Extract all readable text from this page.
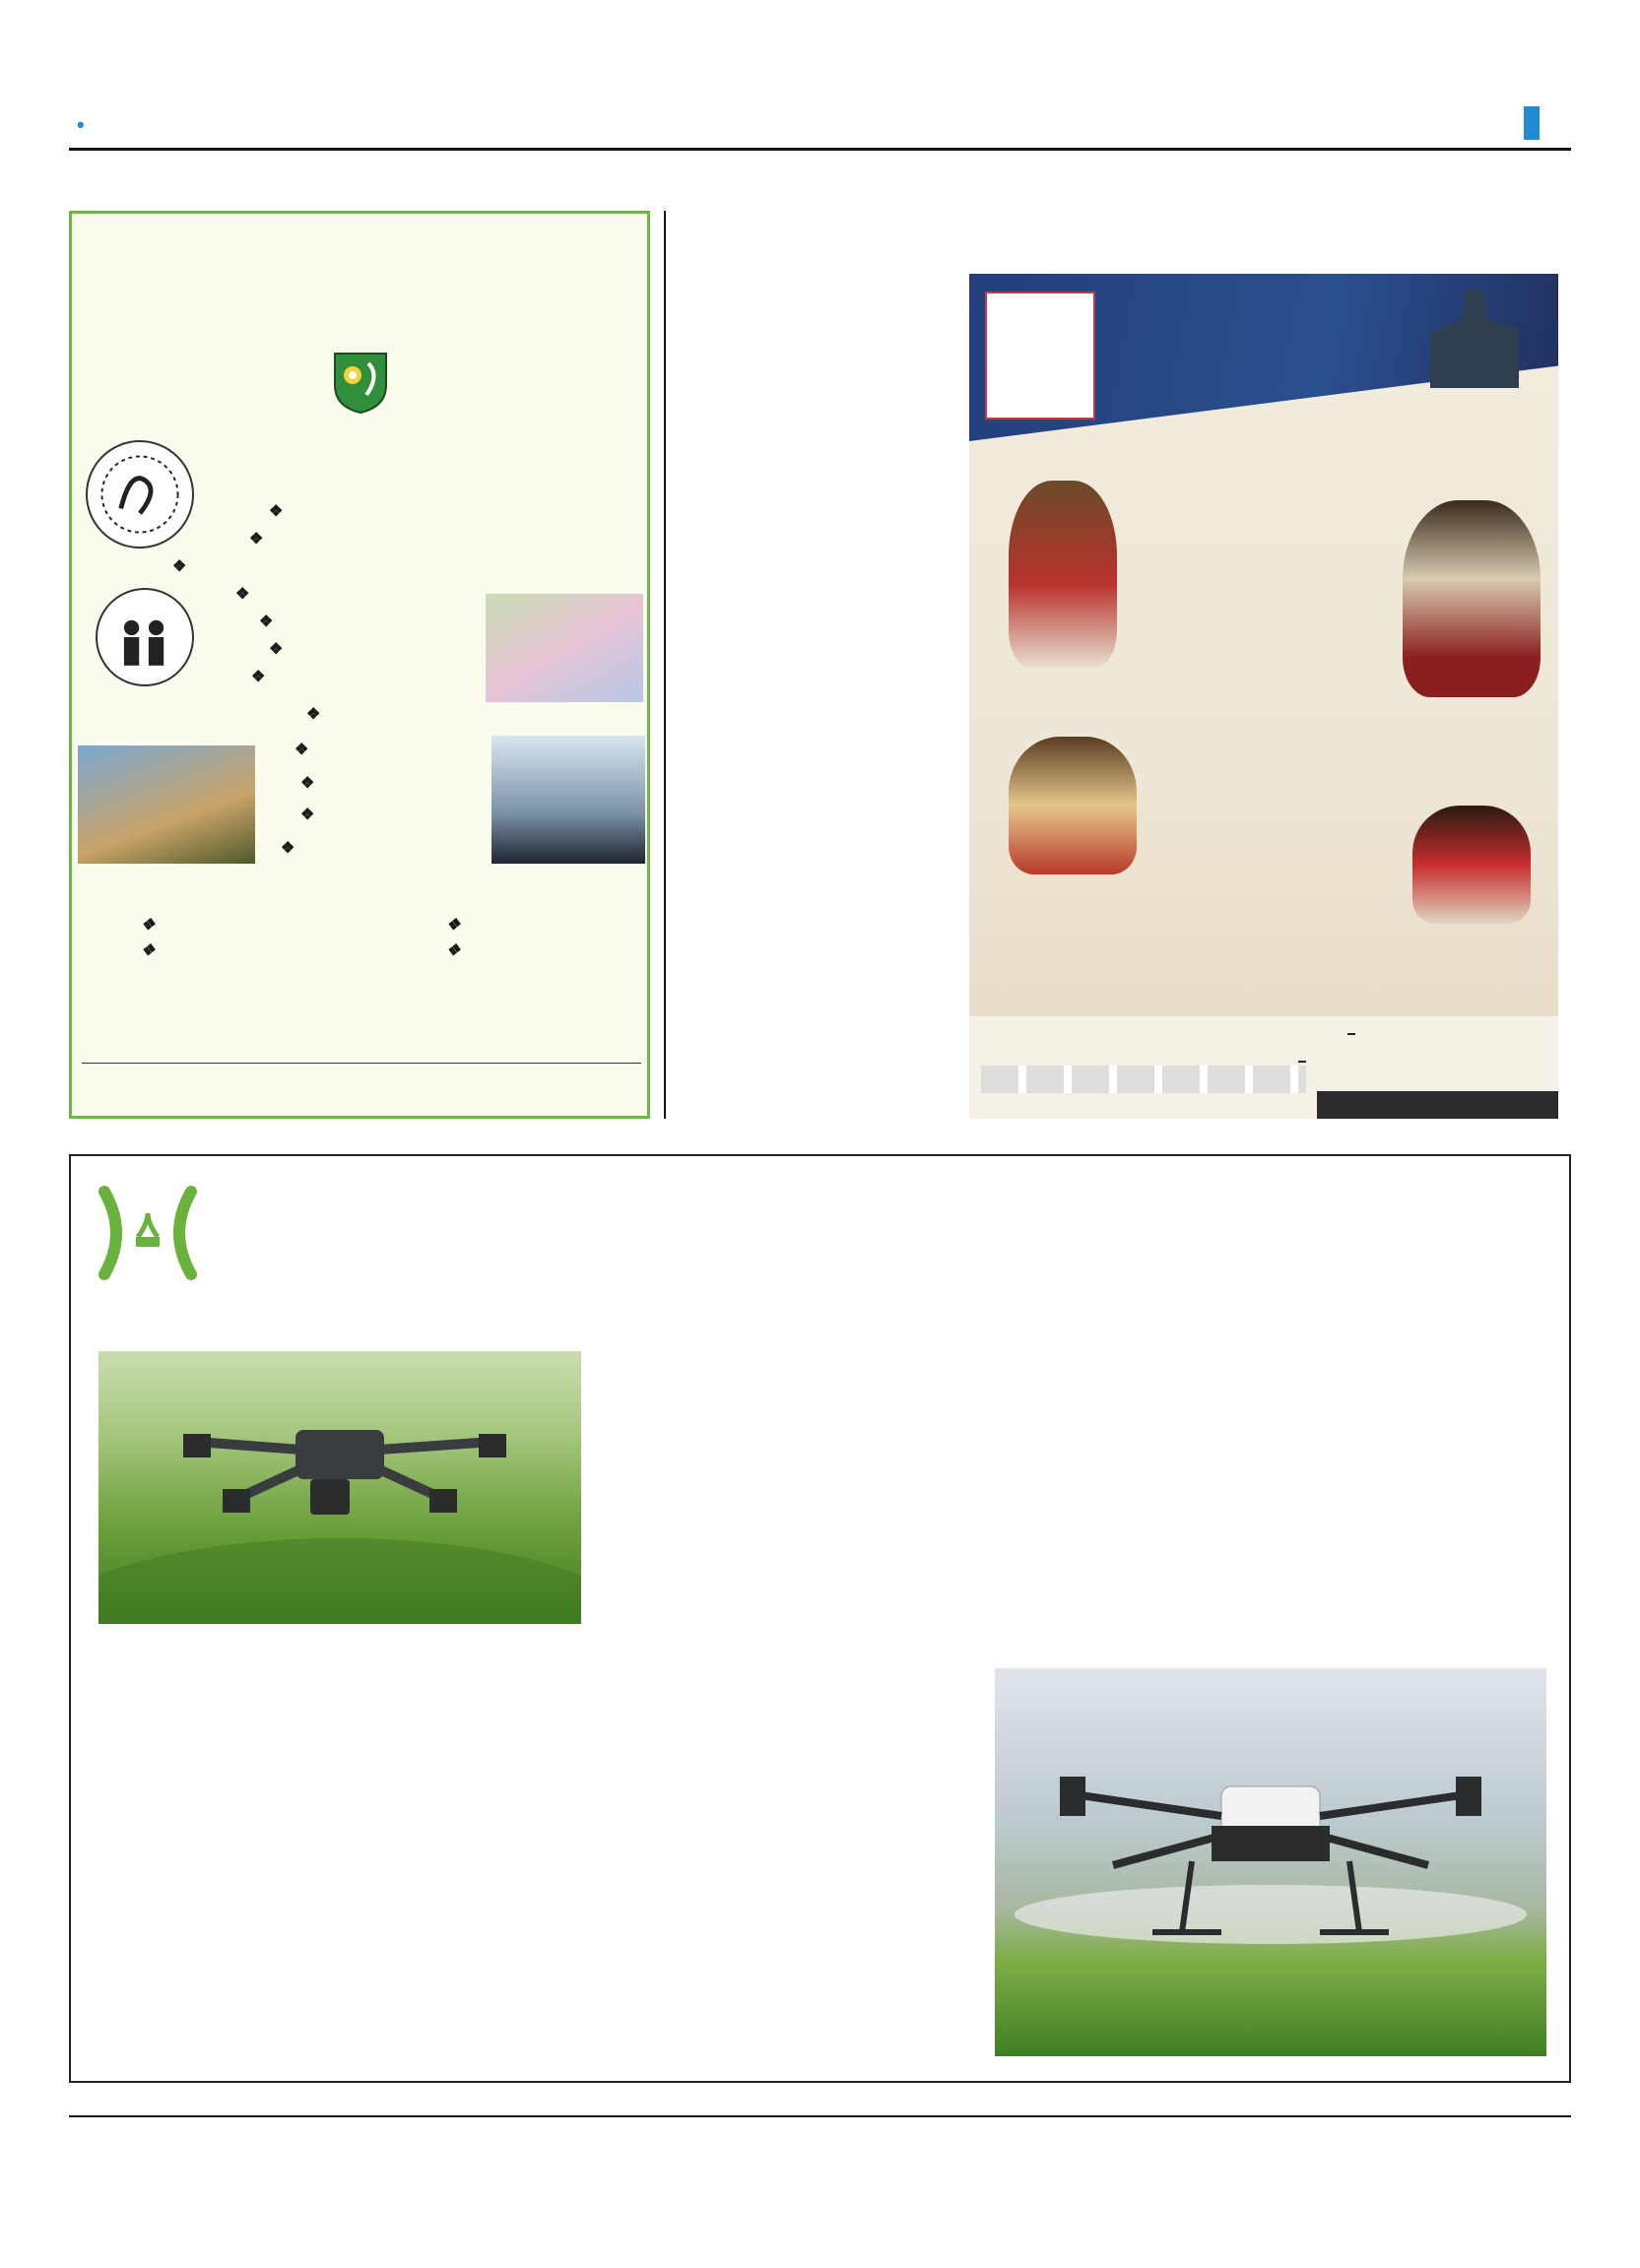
•
❖
❖
❖
❖
❖
❖
❖
❖
❖
❖
❖
❖
❖
❖
❖
❖
